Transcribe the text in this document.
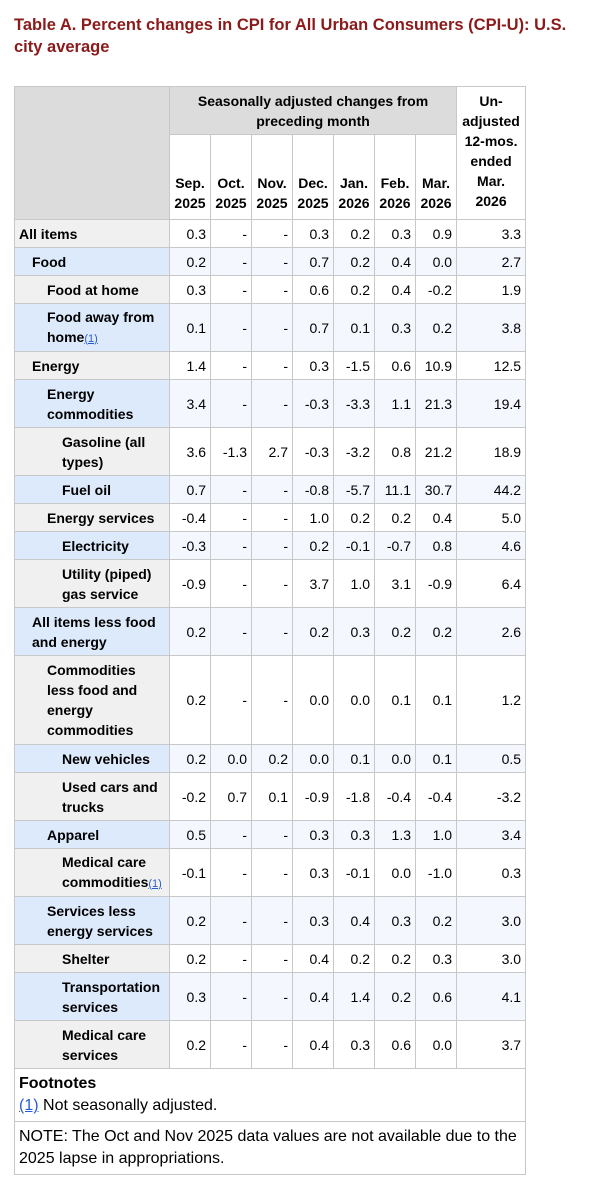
Table A. Percent changes in CPI for All Urban Consumers (CPI-U): U.S. city average
	Seasonally adjusted changes from preceding month							Un-adjusted 12-mos. ended Mar. 2026
	Sep. 2025	Oct. 2025	Nov. 2025	Dec. 2025	Jan. 2026	Feb. 2026	Mar. 2026	
All items	0.3	-	-	0.3	0.2	0.3	0.9	3.3
Food	0.2	-	-	0.7	0.2	0.4	0.0	2.7
Food at home	0.3	-	-	0.6	0.2	0.4	-0.2	1.9
Food away from home(1)	0.1	-	-	0.7	0.1	0.3	0.2	3.8
Energy	1.4	-	-	0.3	-1.5	0.6	10.9	12.5
Energy commodities	3.4	-	-	-0.3	-3.3	1.1	21.3	19.4
Gasoline (all types)	3.6	-1.3	2.7	-0.3	-3.2	0.8	21.2	18.9
Fuel oil	0.7	-	-	-0.8	-5.7	11.1	30.7	44.2
Energy services	-0.4	-	-	1.0	0.2	0.2	0.4	5.0
Electricity	-0.3	-	-	0.2	-0.1	-0.7	0.8	4.6
Utility (piped) gas service	-0.9	-	-	3.7	1.0	3.1	-0.9	6.4
All items less food and energy	0.2	-	-	0.2	0.3	0.2	0.2	2.6
Commodities less food and energy commodities	0.2	-	-	0.0	0.0	0.1	0.1	1.2
New vehicles	0.2	0.0	0.2	0.0	0.1	0.0	0.1	0.5
Used cars and trucks	-0.2	0.7	0.1	-0.9	-1.8	-0.4	-0.4	-3.2
Apparel	0.5	-	-	0.3	0.3	1.3	1.0	3.4
Medical care commodities(1)	-0.1	-	-	0.3	-0.1	0.0	-1.0	0.3
Services less energy services	0.2	-	-	0.3	0.4	0.3	0.2	3.0
Shelter	0.2	-	-	0.4	0.2	0.2	0.3	3.0
Transportation services	0.3	-	-	0.4	1.4	0.2	0.6	4.1
Medical care services	0.2	-	-	0.4	0.3	0.6	0.0	3.7

Footnotes
(1) Not seasonally adjusted.								

NOTE: The Oct and Nov 2025 data values are not available due to the 2025 lapse in appropriations.								
